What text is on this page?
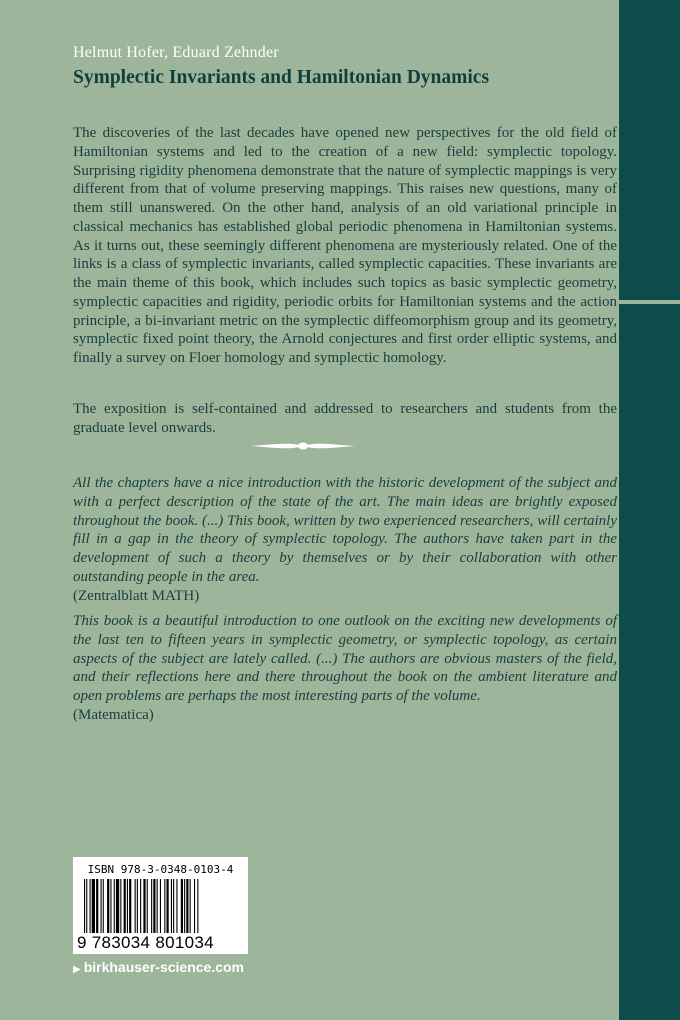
Helmut Hofer, Eduard Zehnder
Symplectic Invariants and Hamiltonian Dynamics

The discoveries of the last decades have opened new perspectives for the old field of Hamiltonian systems and led to the creation of a new field: symplectic topology. Surprising rigidity phenomena demonstrate that the nature of symplectic mappings is very different from that of volume preserving mappings. This raises new questions, many of them still unanswered. On the other hand, analysis of an old variational principle in classical mechanics has established global periodic phenomena in Hamiltonian systems. As it turns out, these seemingly different phenomena are mysteriously related. One of the links is a class of symplectic invariants, called symplectic capacities. These invariants are the main theme of this book, which includes such topics as basic symplectic geometry, symplectic capacities and rigidity, periodic orbits for Hamiltonian systems and the action principle, a bi-invariant metric on the symplectic diffeomorphism group and its geometry, symplectic fixed point theory, the Arnold conjectures and first order elliptic systems, and finally a survey on Floer homology and symplectic homology.

The exposition is self-contained and addressed to researchers and students from the graduate level onwards.

All the chapters have a nice introduction with the historic development of the subject and with a perfect description of the state of the art. The main ideas are brightly exposed throughout the book. (...) This book, written by two experienced researchers, will certainly fill in a gap in the theory of symplectic topology. The authors have taken part in the development of such a theory by themselves or by their collaboration with other outstanding people in the area.
(Zentralblatt MATH)

This book is a beautiful introduction to one outlook on the exciting new developments of the last ten to fifteen years in symplectic geometry, or symplectic topology, as certain aspects of the subject are lately called. (...) The authors are obvious masters of the field, and their reflections here and there throughout the book on the ambient literature and open problems are perhaps the most interesting parts of the volume.
(Matematica)

ISBN 978-3-0348-0103-4
9 783034 801034
▶ birkhauser-science.com
